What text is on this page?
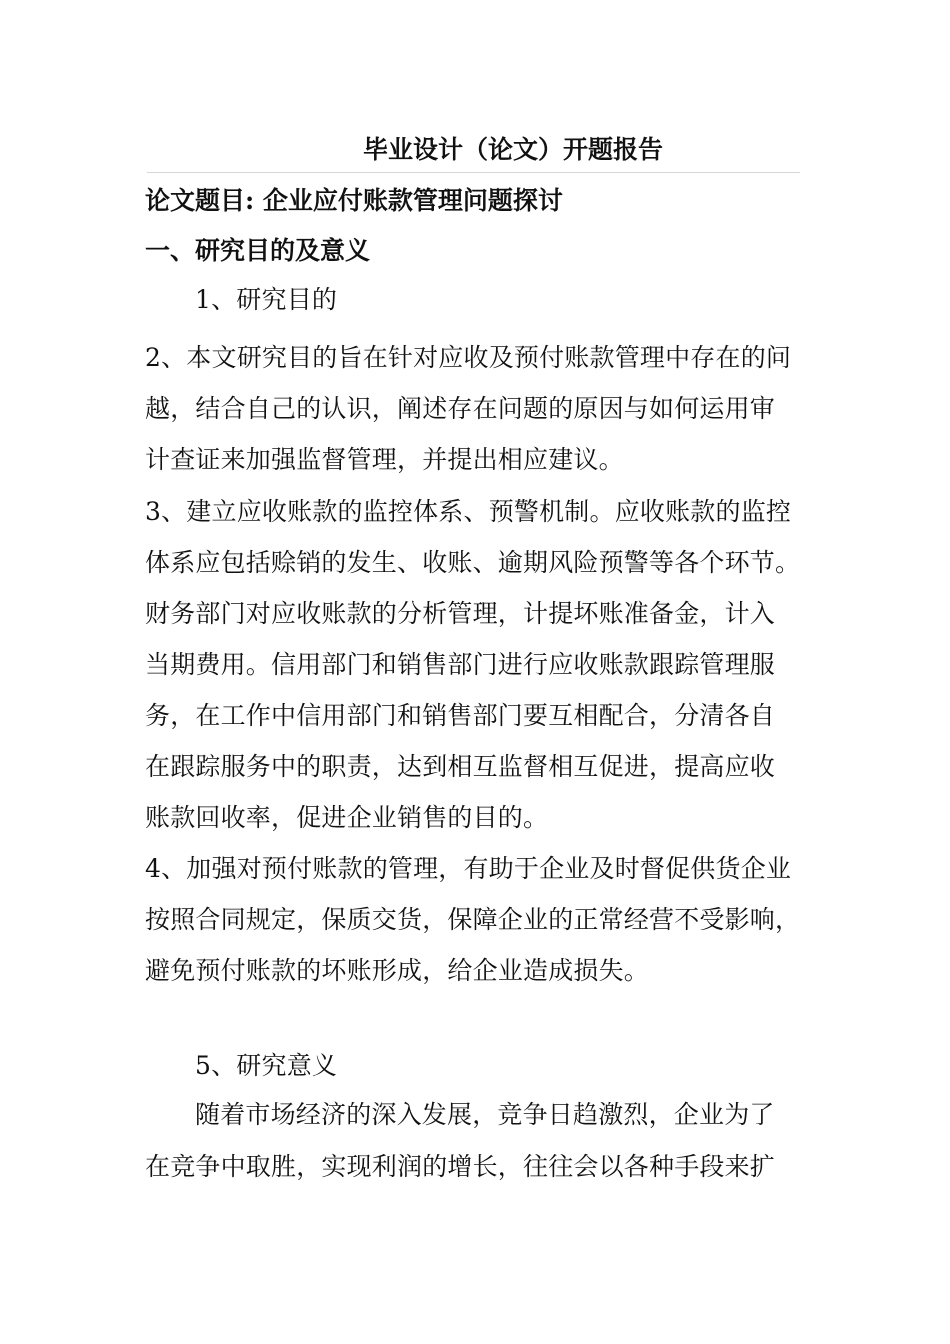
毕业设计（论文）开题报告
论文题目: 企业应付账款管理问题探讨
一、研究目的及意义
1、研究目的
2、本文研究目的旨在针对应收及预付账款管理中存在的问
越，结合自己的认识，阐述存在问题的原因与如何运用审
计查证来加强监督管理，并提出相应建议。
3、建立应收账款的监控体系、预警机制。应收账款的监控
体系应包括赊销的发生、收账、逾期风险预警等各个环节。
财务部门对应收账款的分析管理，计提坏账准备金，计入
当期费用。信用部门和销售部门进行应收账款跟踪管理服
务，在工作中信用部门和销售部门要互相配合，分清各自
在跟踪服务中的职责，达到相互监督相互促进，提高应收
账款回收率，促进企业销售的目的。
4、加强对预付账款的管理，有助于企业及时督促供货企业
按照合同规定，保质交货，保障企业的正常经营不受影响，
避免预付账款的坏账形成，给企业造成损失。
5、研究意义
随着市场经济的深入发展，竞争日趋激烈，企业为了
在竞争中取胜，实现利润的增长，往往会以各种手段来扩
